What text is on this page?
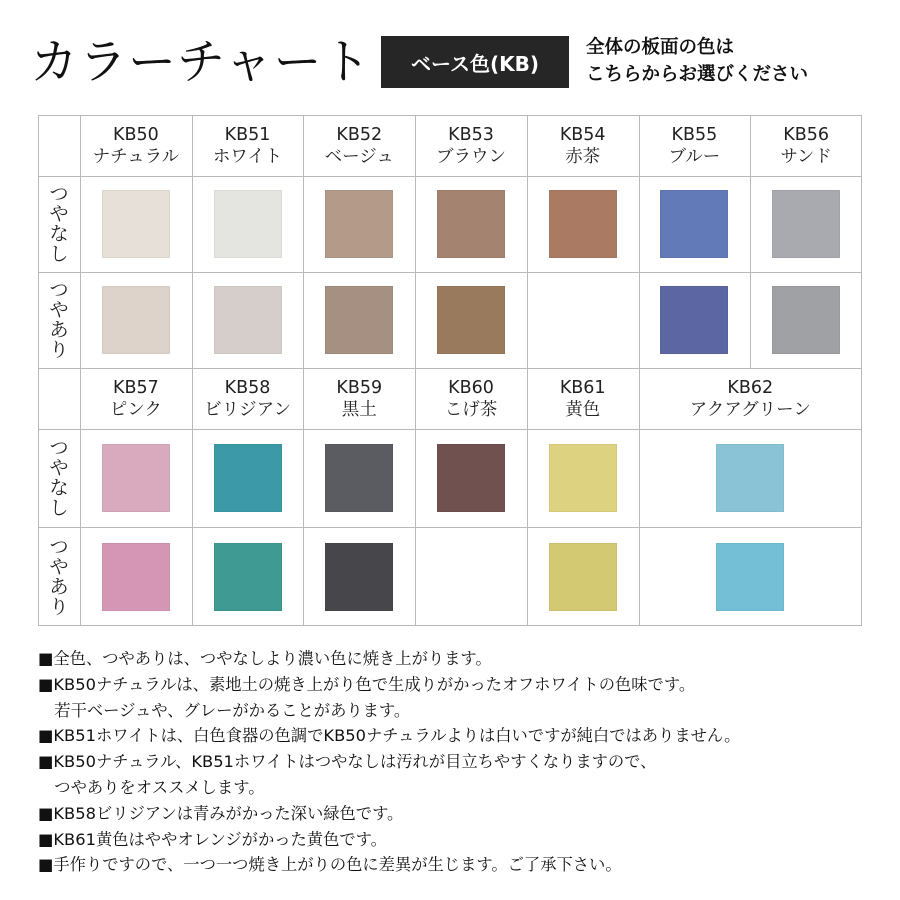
カラーチャート	ベース色(KB)
全体の板面の色は
こちらからお選びください
つ
や
な
し
つ
や
あ
り
つ
や
な
し
つ
や
あ
り
KB50
ナチュラル
KB51
ホワイト
KB52
ベージュ
KB53
ブラウン
KB54
赤茶
KB55
ブルー
KB56
サンド
KB57
ピンク
KB58
ビリジアン
KB59
黒土
KB60
こげ茶
KB61
黄色
KB62
アクアグリーン
■全色、つやありは、つやなしより濃い色に焼き上がります。
■KB50ナチュラルは、素地土の焼き上がり色で生成りがかったオフホワイトの色味です。
　若干ベージュや、グレーがかることがあります。
■KB51ホワイトは、白色食器の色調でKB50ナチュラルよりは白いですが純白ではありません。
■KB50ナチュラル、KB51ホワイトはつやなしは汚れが目立ちやすくなりますので、
　つやありをオススメします。
■KB58ビリジアンは青みがかった深い緑色です。
■KB61黄色はややオレンジがかった黄色です。
■手作りですので、一つ一つ焼き上がりの色に差異が生じます。ご了承下さい。
